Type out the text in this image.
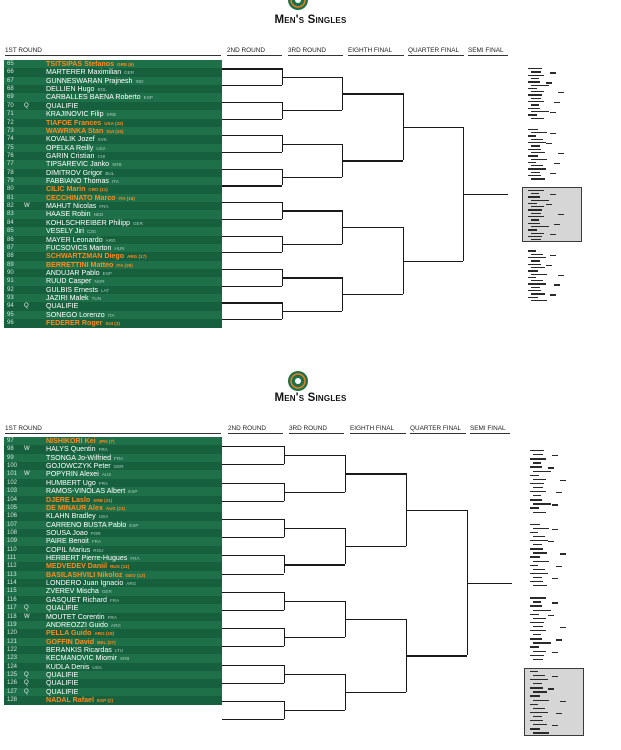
Men's Singles
1ST ROUND	2ND ROUND	3RD ROUND	EIGHTH FINAL	QUARTER FINAL	SEMI FINAL
65	TSITSIPAS Stefanos GRE (6)
66	MARTERER Maximilian GER
67	GUNNESWARAN Prajnesh IND
68	DELLIEN Hugo BOL
69	CARBALLES BAENA Roberto ESP
70	Q	QUALIFIE
71	KRAJINOVIC Filip SRB
72	TIAFOE Frances USA (32)
73	WAWRINKA Stan SUI (24)
74	KOVALIK Jozef SVK
75	OPELKA Reilly USA
76	GARIN Cristian CHI
77	TIPSAREVIC Janko SRB
78	DIMITROV Grigor BUL
79	FABBIANO Thomas ITA
80	CILIC Marin CRO (11)
81	CECCHINATO Marco ITA (16)
82	W	MAHUT Nicolas FRA
83	HAASE Robin NED
84	KOHLSCHREIBER Philipp GER
85	VESELY Jiri CZE
86	MAYER Leonardo ARG
87	FUCSOVICS Marton HUN
88	SCHWARTZMAN Diego ARG (17)
89	BERRETTINI Matteo ITA (29)
90	ANDUJAR Pablo ESP
91	RUUD Casper NOR
92	GULBIS Ernests LAT
93	JAZIRI Malek TUN
94	Q	QUALIFIE
95	SONEGO Lorenzo ITA
96	FEDERER Roger SUI (3)
Men's Singles
1ST ROUND	2ND ROUND	3RD ROUND	EIGHTH FINAL	QUARTER FINAL	SEMI FINAL
97	NISHIKORI Kei JPN (7)
98	W	HALYS Quentin FRA
99	TSONGA Jo-Wilfried FRA
100	GOJOWCZYK Peter GER
101	W	POPYRIN Alexei AUS
102	HUMBERT Ugo FRA
103	RAMOS-VINOLAS Albert ESP
104	DJERE Laslo SRB (31)
105	DE MINAUR Alex AUS (21)
106	KLAHN Bradley USA
107	CARRENO BUSTA Pablo ESP
108	SOUSA Joao POR
109	PAIRE Benoit FRA
110	COPIL Marius ROU
111	HERBERT Pierre-Hugues FRA
112	MEDVEDEV Daniil RUS (12)
113	BASILASHVILI Nikoloz GEO (13)
114	LONDERO Juan Ignacio ARG
115	ZVEREV Mischa GER
116	GASQUET Richard FRA
117	Q	QUALIFIE
118	W	MOUTET Corentin FRA
119	ANDREOZZI Guido ARG
120	PELLA Guido ARG (19)
121	GOFFIN David BEL (27)
122	BERANKIS Ricardas LTU
123	KECMANOVIC Miomir SRB
124	KUDLA Denis USA
125	Q	QUALIFIE
126	Q	QUALIFIE
127	Q	QUALIFIE
128	NADAL Rafael ESP (2)
